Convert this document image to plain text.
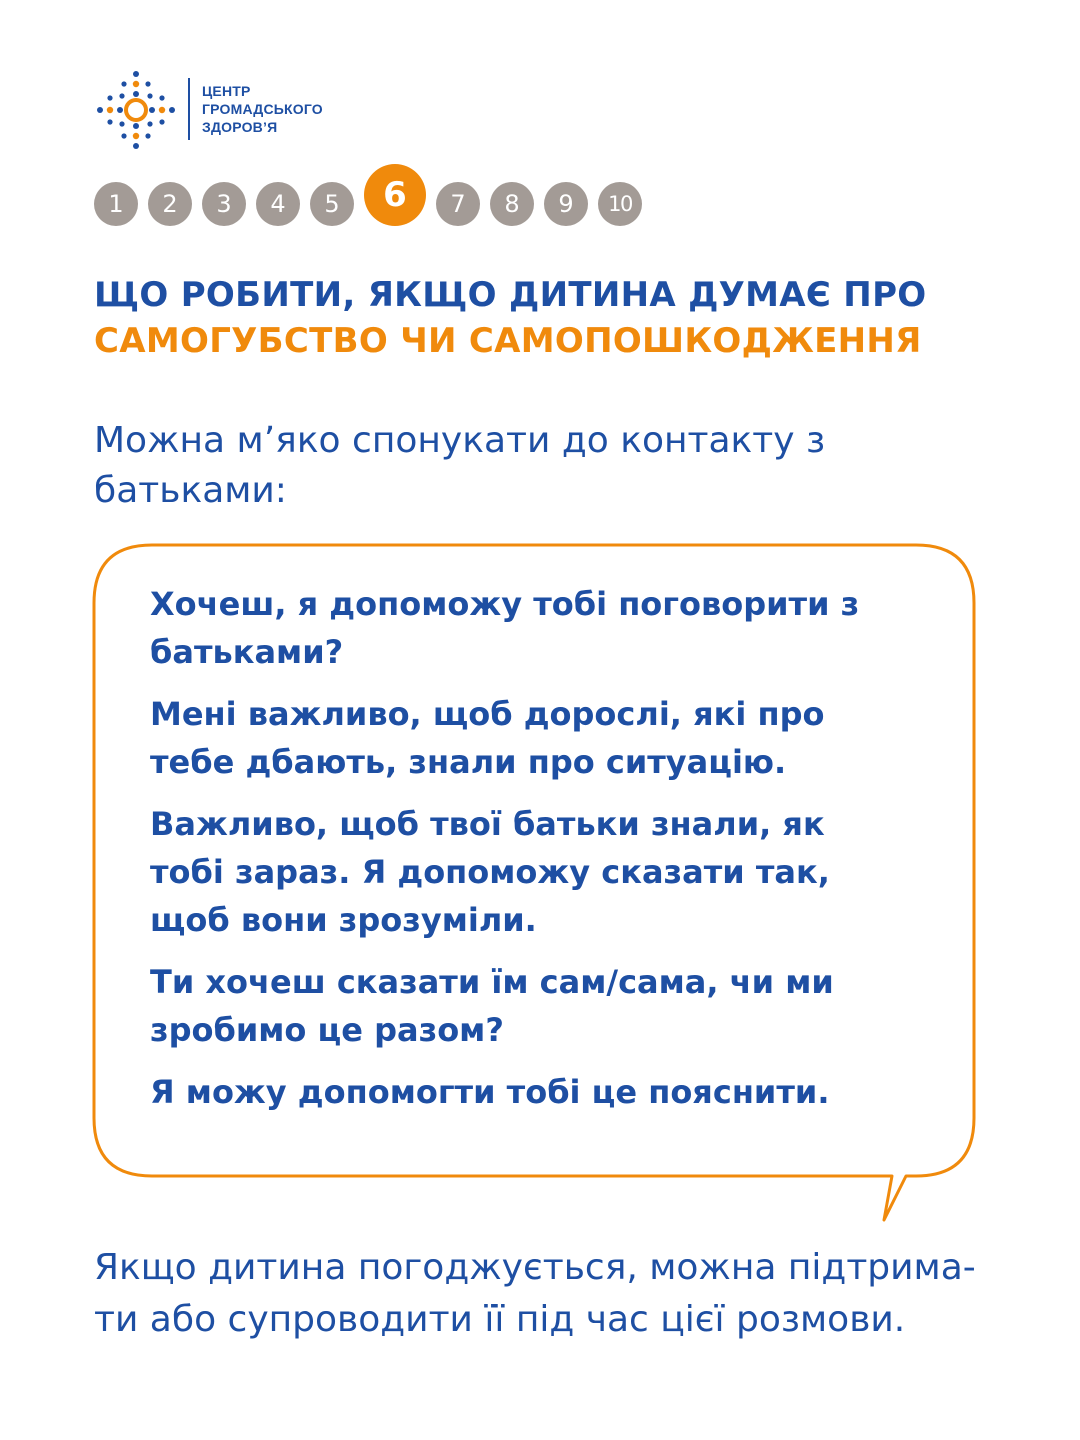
ЦЕНТР
ГРОМАДСЬКОГО
ЗДОРОВ’Я
1	2	3	4	5	6	7	8	9	10
ЩО РОБИТИ, ЯКЩО ДИТИНА ДУМАЄ ПРО
САМОГУБСТВО ЧИ САМОПОШКОДЖЕННЯ
Можна м’яко спонукати до контакту з
батьками:
Хочеш, я допоможу тобі поговорити з
батьками?
Мені важливо, щоб дорослі, які про
тебе дбають, знали про ситуацію.
Важливо, щоб твої батьки знали, як
тобі зараз. Я допоможу сказати так,
щоб вони зрозуміли.
Ти хочеш сказати їм сам/сама, чи ми
зробимо це разом?
Я можу допомогти тобі це пояснити.
Якщо дитина погоджується, можна підтрима-
ти або супроводити її під час цієї розмови.
